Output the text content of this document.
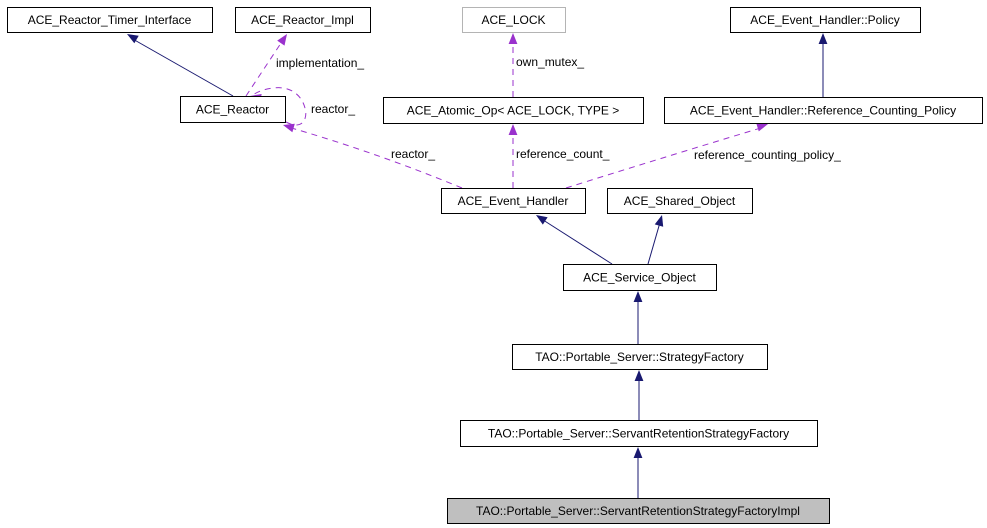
implementation_	own_mutex_
reactor_
reactor_	reference_count_	reference_counting_policy_
ACE_Reactor_Timer_Interface	ACE_Reactor_Impl	ACE_LOCK	ACE_Event_Handler::Policy
ACE_Reactor	ACE_Atomic_Op< ACE_LOCK, TYPE >	ACE_Event_Handler::Reference_Counting_Policy
ACE_Event_Handler	ACE_Shared_Object
ACE_Service_Object
TAO::Portable_Server::StrategyFactory
TAO::Portable_Server::ServantRetentionStrategyFactory
TAO::Portable_Server::ServantRetentionStrategyFactoryImpl
